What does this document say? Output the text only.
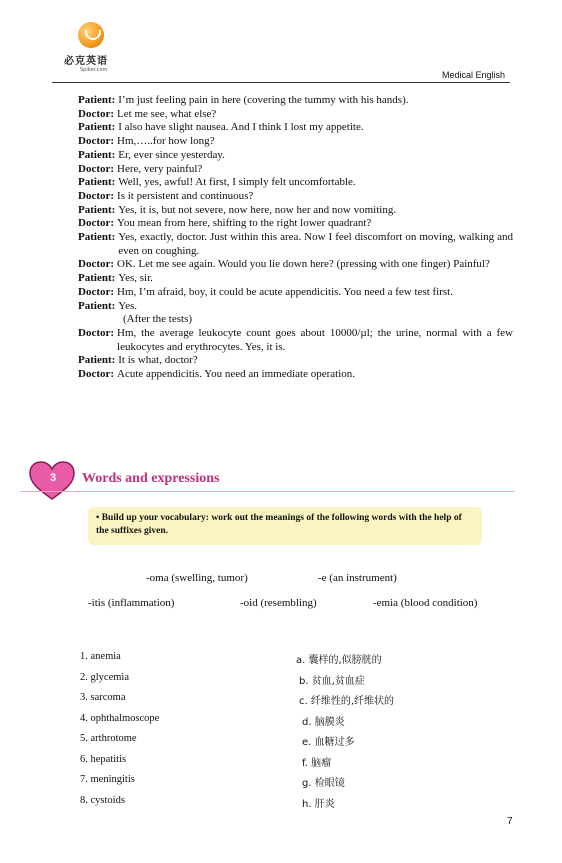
必克英语
Spiker.com	Medical English
Patient: I’m just feeling pain in here (covering the tummy with his hands).
Doctor: Let me see, what else?
Patient: I also have slight nausea. And I think I lost my appetite.
Doctor: Hm,…..for how long?
Patient: Er, ever since yesterday.
Doctor: Here, very painful?
Patient: Well, yes, awful! At first, I simply felt uncomfortable.
Doctor: Is it persistent and continuous?
Patient: Yes, it is, but not severe, now here, now her and now vomiting.
Doctor: You mean from here, shifting to the right lower quadrant?
Patient: Yes, exactly, doctor. Just within this area. Now I feel discomfort on moving, walking and even on coughing.
Doctor: OK. Let me see again. Would you lie down here? (pressing with one finger) Painful?
Patient: Yes, sir.
Doctor: Hm, I’m afraid, boy, it could be acute appendicitis. You need a few test first.
Patient: Yes.
(After the tests)
Doctor: Hm, the average leukocyte count goes about 10000/µl; the urine, normal with a few leukocytes and erythrocytes. Yes, it is.
Patient: It is what, doctor?
Doctor: Acute appendicitis. You need an immediate operation.
3 Words and expressions
• Build up your vocabulary: work out the meanings of the following words with the help of the suffixes given.
-oma (swelling, tumor)	-e (an instrument)
-itis (inflammation)	-oid (resembling)	-emia (blood condition)
1. anemia
2. glycemia
3. sarcoma
4. ophthalmoscope
5. arthrotome
6. hepatitis
7. meningitis
8. cystoids
a. 囊样的,似膀胱的
b. 贫血,贫血症
c. 纤维性的,纤维状的
d. 脑膜炎
e. 血糖过多
f. 脑瘤
g. 检眼镜
h. 肝炎
7
